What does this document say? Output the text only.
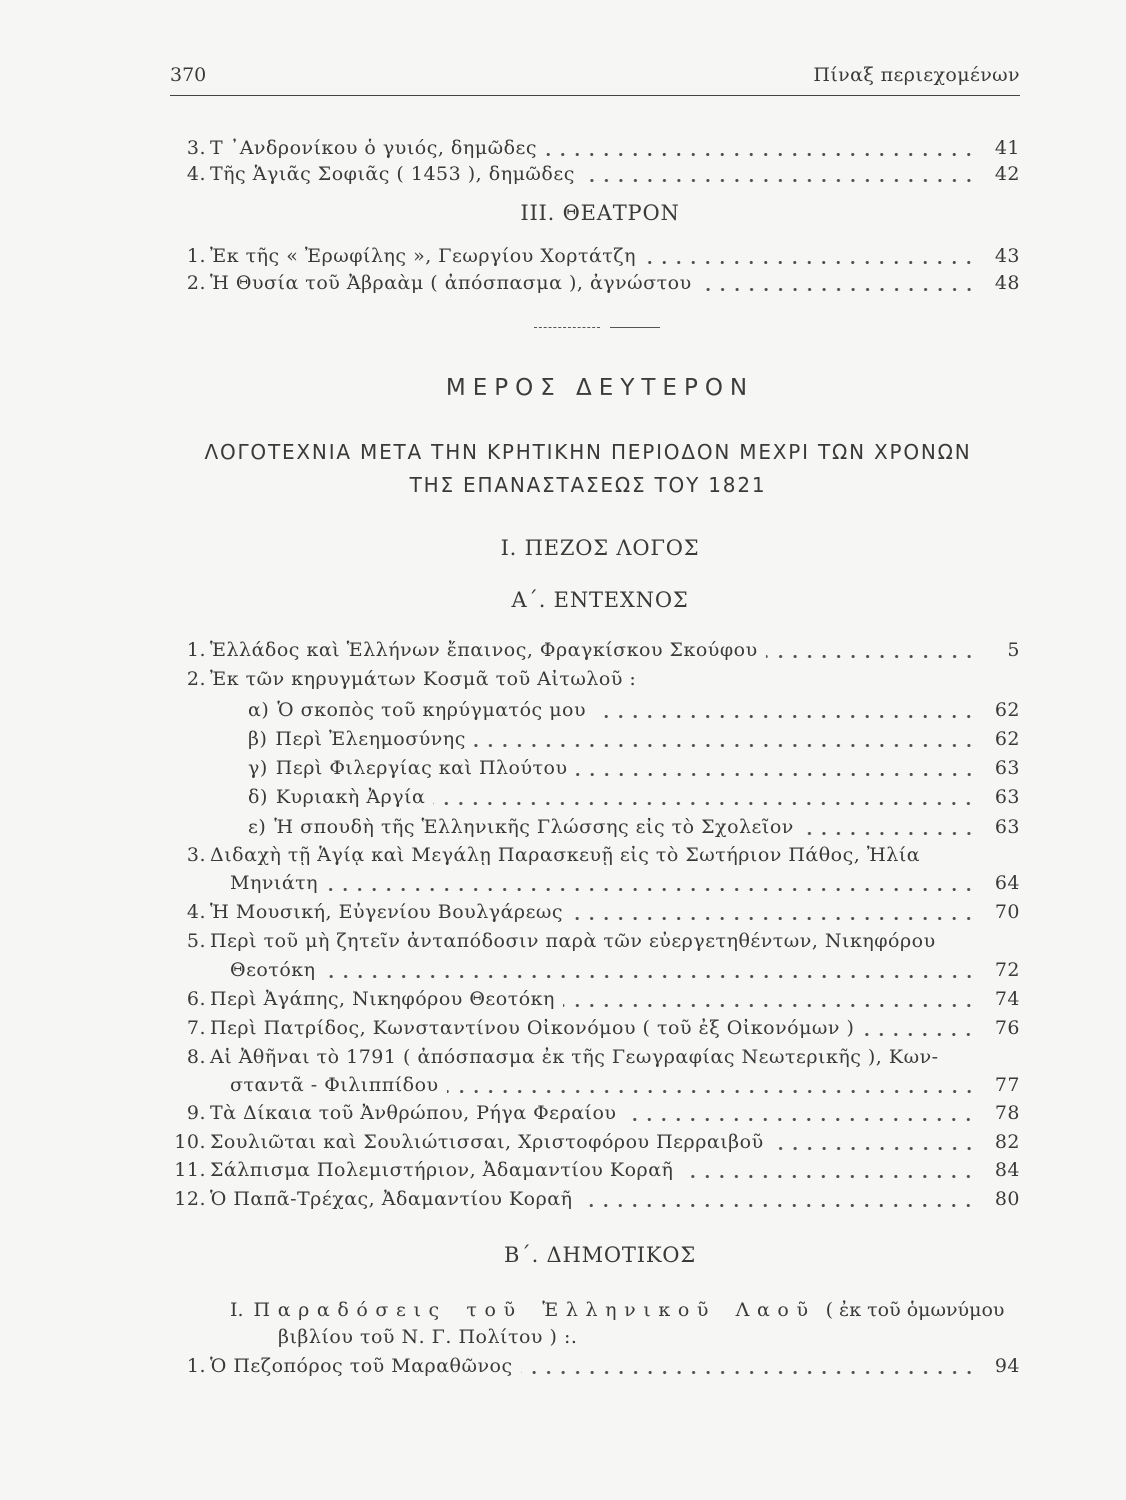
370	Πίναξ περιεχομένων
3. Τ ᾿Ανδρονίκου ὁ γυιός, δημῶδες	41
4. Τῆς Ἁγιᾶς Σοφιᾶς ( 1453 ), δημῶδες	42
III. ΘΕΑΤΡΟΝ
1. Ἐκ τῆς « Ἐρωφίλης », Γεωργίου Χορτάτζη	43
2. Ἡ Θυσία τοῦ Ἀβραὰμ ( ἀπόσπασμα ), ἀγνώστου	48
ΜΕΡΟΣ ΔΕΥΤΕΡΟΝ
ΛΟΓΟΤΕΧΝΙΑ ΜΕΤΑ ΤΗΝ ΚΡΗΤΙΚΗΝ ΠΕΡΙΟΔΟΝ ΜΕΧΡΙ ΤΩΝ ΧΡΟΝΩΝ
ΤΗΣ ΕΠΑΝΑΣΤΑΣΕΩΣ ΤΟΥ 1821
I. ΠΕΖΟΣ ΛΟΓΟΣ
Α΄. ΕΝΤΕΧΝΟΣ
1. Ἑλλάδος καὶ Ἑλλήνων ἔπαινος, Φραγκίσκου Σκούφου	5
2. Ἐκ τῶν κηρυγμάτων Κοσμᾶ τοῦ Αἰτωλοῦ :
α) Ὁ σκοπὸς τοῦ κηρύγματός μου	62
β) Περὶ Ἐλεημοσύνης	62
γ) Περὶ Φιλεργίας καὶ Πλούτου	63
δ) Κυριακὴ Ἀργία	63
ε) Ἡ σπουδὴ τῆς Ἑλληνικῆς Γλώσσης εἰς τὸ Σχολεῖον	63
3. Διδαχὴ τῇ Ἁγίᾳ καὶ Μεγάλῃ Παρασκευῇ εἰς τὸ Σωτήριον Πάθος, Ἠλία
Μηνιάτη	64
4. Ἡ Μουσική, Εὐγενίου Βουλγάρεως	70
5. Περὶ τοῦ μὴ ζητεῖν ἀνταπόδοσιν παρὰ τῶν εὐεργετηθέντων, Νικηφόρου
Θεοτόκη	72
6. Περὶ Ἀγάπης, Νικηφόρου Θεοτόκη	74
7. Περὶ Πατρίδος, Κωνσταντίνου Οἰκονόμου ( τοῦ ἐξ Οἰκονόμων )	76
8. Αἱ Ἀθῆναι τὸ 1791 ( ἀπόσπασμα ἐκ τῆς Γεωγραφίας Νεωτερικῆς ), Κων-
σταντᾶ - Φιλιππίδου	77
9. Τὰ Δίκαια τοῦ Ἀνθρώπου, Ρήγα Φεραίου	78
10. Σουλιῶται καὶ Σουλιώτισσαι, Χριστοφόρου Περραιβοῦ	82
11. Σάλπισμα Πολεμιστήριον, Ἀδαμαντίου Κοραῆ	84
12. Ὁ Παπᾶ-Τρέχας, Ἀδαμαντίου Κοραῆ	80
Β΄. ΔΗΜΟΤΙΚΟΣ
I. Παραδόσεις τοῦ Ἑλληνικοῦ Λαοῦ ( ἐκ τοῦ ὁμωνύμου
βιβλίου τοῦ Ν. Γ. Πολίτου ) :.
1. Ὁ Πεζοπόρος τοῦ Μαραθῶνος	94
